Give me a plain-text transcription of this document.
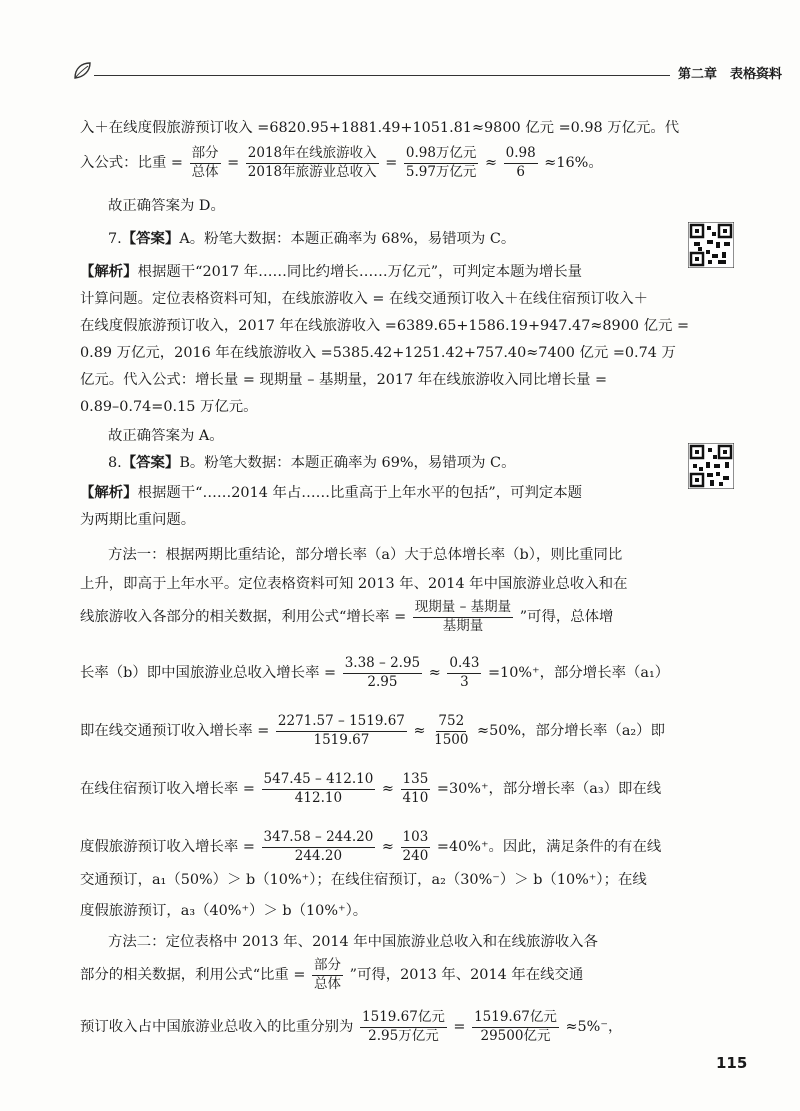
第二章　表格资料
入＋在线度假旅游预订收入 =6820.95+1881.49+1051.81≈9800 亿元 =0.98 万亿元。代
入公式：比重 = $\frac{\text{部分}}{\text{总体}} = \frac{\text{2018年在线旅游收入}}{\text{2018年旅游业总收入}} = \frac{\text{0.98万亿元}}{\text{5.97万亿元}} \approx \frac{0.98}{6} \approx 16\%$。
故正确答案为 D。
7.【答案】A。粉笔大数据：本题正确率为 68%，易错项为 C。
【解析】根据题干“2017 年……同比约增长……万亿元”，可判定本题为增长量
计算问题。定位表格资料可知，在线旅游收入 = 在线交通预订收入＋在线住宿预订收入＋
在线度假旅游预订收入，2017 年在线旅游收入 =6389.65+1586.19+947.47≈8900 亿元 =
0.89 万亿元，2016 年在线旅游收入 =5385.42+1251.42+757.40≈7400 亿元 =0.74 万
亿元。代入公式：增长量 = 现期量 – 基期量，2017 年在线旅游收入同比增长量 =
0.89–0.74=0.15 万亿元。
故正确答案为 A。
8.【答案】B。粉笔大数据：本题正确率为 69%，易错项为 C。
【解析】根据题干“……2014 年占……比重高于上年水平的包括”，可判定本题
为两期比重问题。
方法一：根据两期比重结论，部分增长率（a）大于总体增长率（b），则比重同比
上升，即高于上年水平。定位表格资料可知 2013 年、2014 年中国旅游业总收入和在
线旅游收入各部分的相关数据，利用公式“增长率 = $\frac{\text{现期量 – 基期量}}{\text{基期量}}$ ”可得，总体增
长率（b）即中国旅游业总收入增长率 = $\frac{3.38 - 2.95}{2.95} \approx \frac{0.43}{3} =10\%^+$，部分增长率（a₁）
即在线交通预订收入增长率 = $\frac{2271.57 - 1519.67}{1519.67} \approx \frac{752}{1500} \approx 50\%$，部分增长率（a₂）即
在线住宿预订收入增长率 = $\frac{547.45 - 412.10}{412.10} \approx \frac{135}{410} =30\%^+$，部分增长率（a₃）即在线
度假旅游预订收入增长率 = $\frac{347.58 - 244.20}{244.20} \approx \frac{103}{240} =40\%^+$。因此，满足条件的有在线
交通预订，a₁（50%）＞ b（10%⁺）；在线住宿预订，a₂（30%⁻）＞ b（10%⁺）；在线
度假旅游预订，a₃（40%⁺）＞ b（10%⁺）。
方法二：定位表格中 2013 年、2014 年中国旅游业总收入和在线旅游收入各
部分的相关数据，利用公式“比重 = $\frac{\text{部分}}{\text{总体}}$ ”可得，2013 年、2014 年在线交通
预订收入占中国旅游业总收入的比重分别为 $\frac{\text{1519.67亿元}}{\text{2.95万亿元}} = \frac{\text{1519.67亿元}}{\text{29500亿元}} \approx 5\%^-$，
115
